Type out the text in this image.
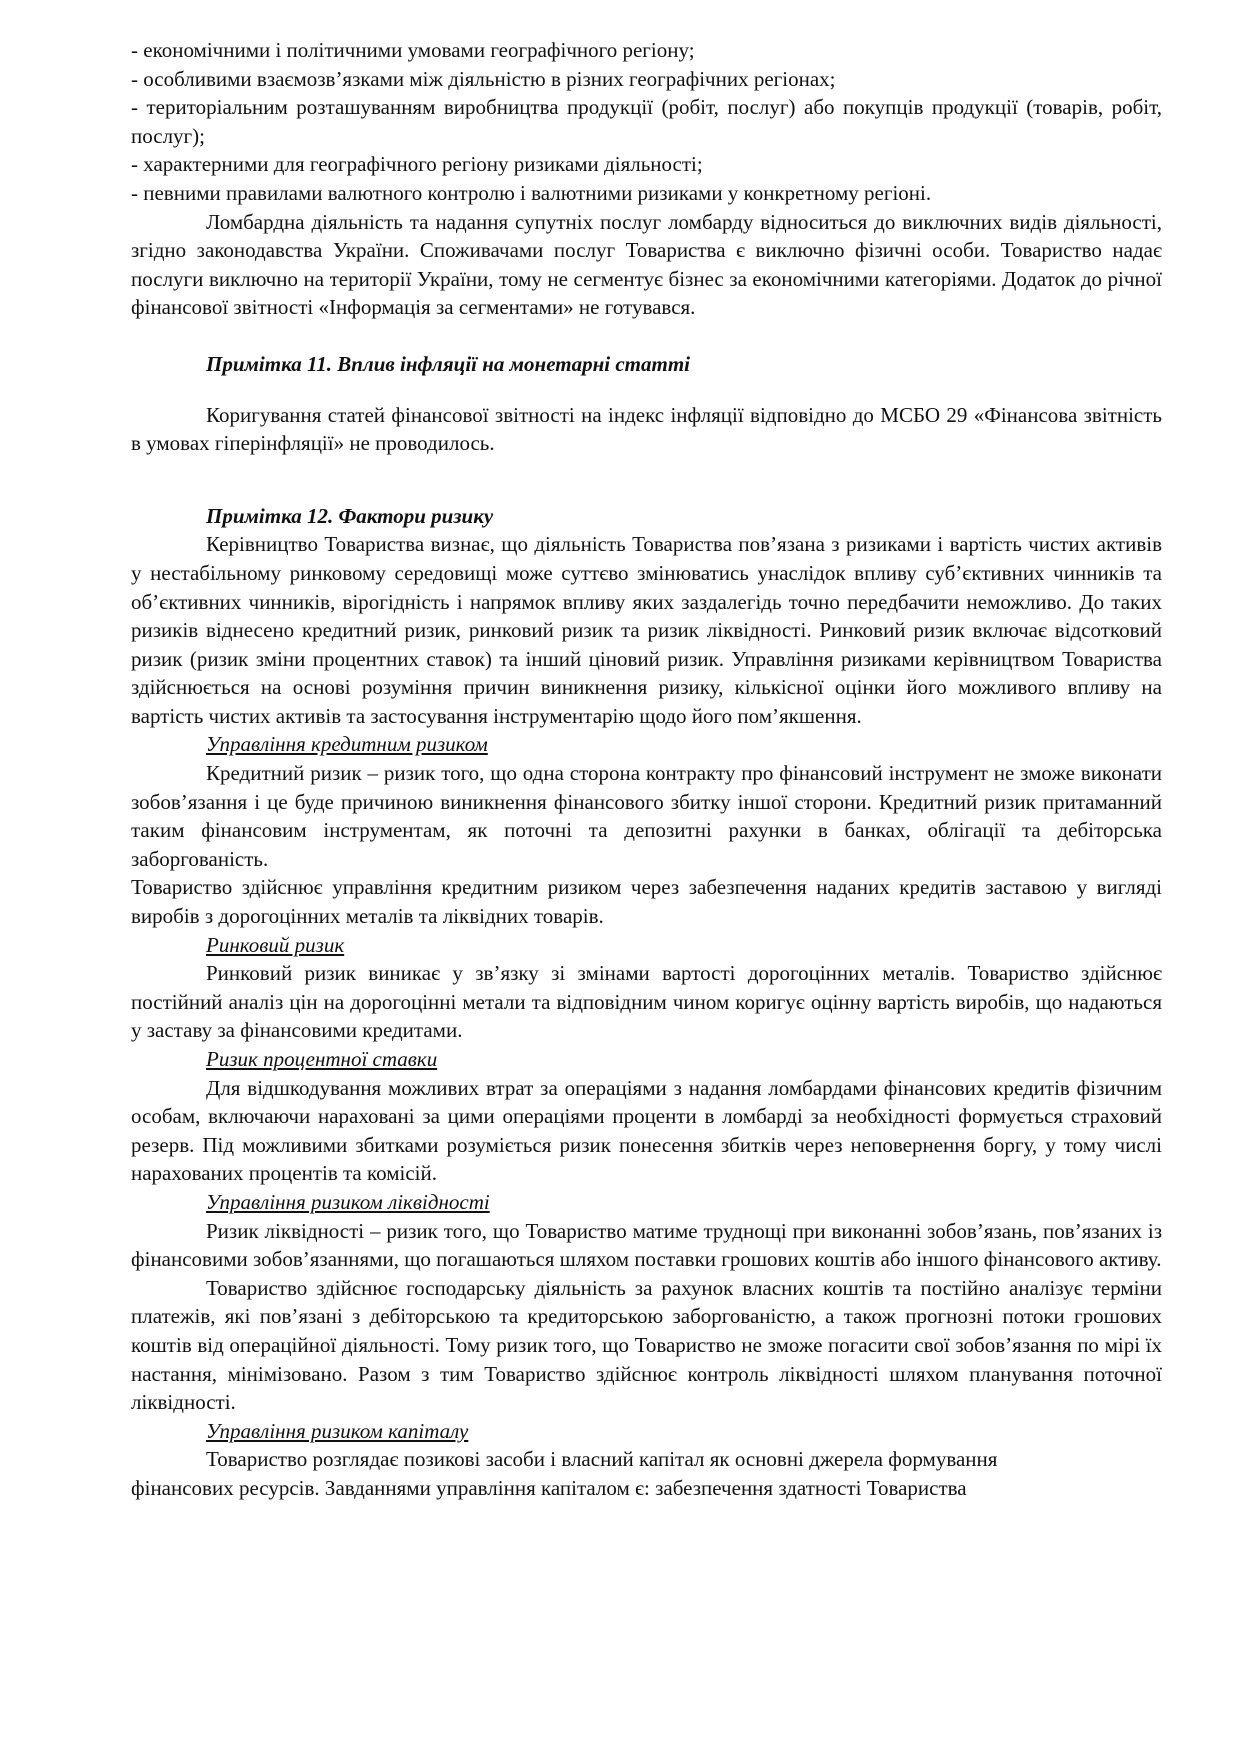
- економічними і політичними умовами географічного регіону;
- особливими взаємозв’язками між діяльністю в різних географічних регіонах;

- територіальним розташуванням виробництва продукції (робіт, послуг) або покупців продукції (товарів, робіт, послуг);

- характерними для географічного регіону ризиками діяльності;
- певними правилами валютного контролю і валютними ризиками у конкретному регіоні.

Ломбардна діяльність та надання супутніх послуг ломбарду відноситься до виключних видів діяльності, згідно законодавства України. Споживачами послуг Товариства є виключно фізичні особи. Товариство надає послуги виключно на території України, тому не сегментує бізнес за економічними категоріями. Додаток до річної фінансової звітності «Інформація за сегментами» не готувався.

Примітка 11. Вплив інфляції на монетарні статті

Коригування статей фінансової звітності на індекс інфляції відповідно до МСБО 29 «Фінансова звітність в умовах гіперінфляції» не проводилось.

Примітка 12. Фактори ризику

Керівництво Товариства визнає, що діяльність Товариства пов’язана з ризиками і вартість чистих активів у нестабільному ринковому середовищі може суттєво змінюватись унаслідок впливу суб’єктивних чинників та об’єктивних чинників, вірогідність і напрямок впливу яких заздалегідь точно передбачити неможливо. До таких ризиків віднесено кредитний ризик, ринковий ризик та ризик ліквідності. Ринковий ризик включає відсотковий ризик (ризик зміни процентних ставок) та інший ціновий ризик. Управління ризиками керівництвом Товариства здійснюється на основі розуміння причин виникнення ризику, кількісної оцінки його можливого впливу на вартість чистих активів та застосування інструментарію щодо його пом’якшення.

Управління кредитним ризиком

Кредитний ризик – ризик того, що одна сторона контракту про фінансовий інструмент не зможе виконати зобов’язання і це буде причиною виникнення фінансового збитку іншої сторони. Кредитний ризик притаманний таким фінансовим інструментам, як поточні та депозитні рахунки в банках, облігації та дебіторська заборгованість.

Товариство здійснює управління кредитним ризиком через забезпечення наданих кредитів заставою у вигляді виробів з дорогоцінних металів та ліквідних товарів.

Ринковий ризик

Ринковий ризик виникає у зв’язку зі змінами вартості дорогоцінних металів. Товариство здійснює постійний аналіз цін на дорогоцінні метали та відповідним чином коригує оцінну вартість виробів, що надаються у заставу за фінансовими кредитами.

Ризик процентної ставки

Для відшкодування можливих втрат за операціями з надання ломбардами фінансових кредитів фізичним особам, включаючи нараховані за цими операціями проценти в ломбарді за необхідності формується страховий резерв. Під можливими збитками розуміється ризик понесення збитків через неповернення боргу, у тому числі нарахованих процентів та комісій.

Управління ризиком ліквідності

Ризик ліквідності – ризик того, що Товариство матиме труднощі при виконанні зобов’язань, пов’язаних із фінансовими зобов’язаннями, що погашаються шляхом поставки грошових коштів або іншого фінансового активу.

Товариство здійснює господарську діяльність за рахунок власних коштів та постійно аналізує терміни платежів, які пов’язані з дебіторською та кредиторською заборгованістю, а також прогнозні потоки грошових коштів від операційної діяльності. Тому ризик того, що Товариство не зможе погасити свої зобов’язання по мірі їх настання, мінімізовано. Разом з тим Товариство здійснює контроль ліквідності шляхом планування поточної ліквідності.

Управління ризиком капіталу
Товариство розглядає позикові засоби і власний капітал як основні джерела формування
фінансових ресурсів. Завданнями управління капіталом є: забезпечення здатності Товариства
